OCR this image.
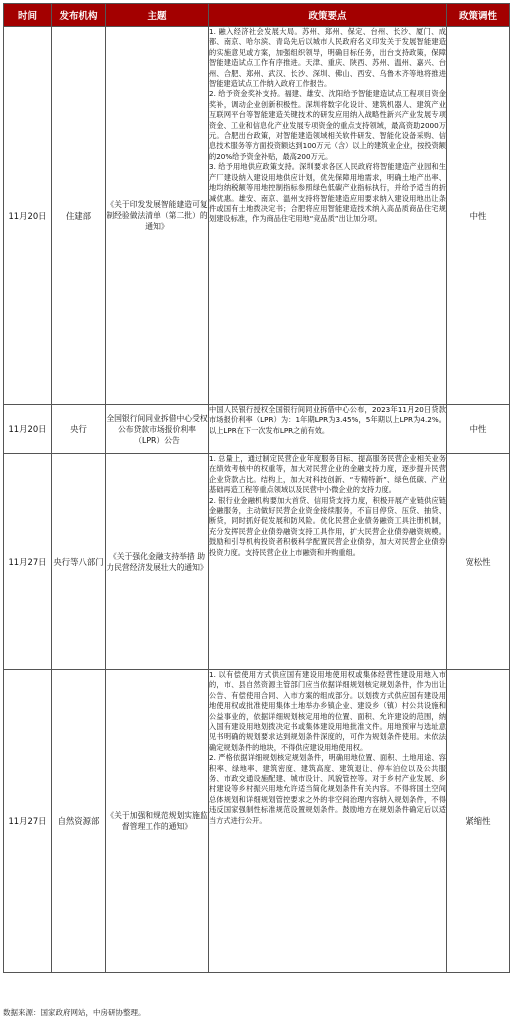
时间	发布机构	主题	政策要点	政策调性
11月20日	住建部	《关于印发发展智能建造可复制经验做法清单（第二批）的通知》	1. 融入经济社会发展大局。苏州、郑州、保定、台州、长沙、厦门、成都、南京、哈尔滨、青岛先后以城市人民政府名义印发关于发展智能建造的实施意见或方案，加强组织领导，明确目标任务，出台支持政策，保障智能建造试点工作有序推进。天津、重庆、陕西、苏州、温州、嘉兴、台州、合肥、郑州、武汉、长沙、深圳、佛山、西安、乌鲁木齐等地将推进智能建造试点工作纳入政府工作报告。

2. 给予资金奖补支持。福建、雄安、沈阳给予智能建造试点工程项目资金奖补，调动企业创新积极性。深圳将数字化设计、建筑机器人、建筑产业互联网平台等智能建造关键技术的研发应用纳入战略性新兴产业发展专项资金、工业和信息化产业发展专项资金的重点支持领域，最高资助2000万元。合肥出台政策，对智能建造领域相关软件研发、智能化设备采购、信息技术服务等方面投资额达到100万元（含）以上的建筑业企业，按投资额的20%给予资金补贴，最高200万元。

3. 给予用地供应政策支持。深圳要求各区人民政府将智能建造产业园和生产厂建设纳入建设用地供应计划，优先保障用地需求，明确土地产出率、地均纳税额等用地控制指标参照绿色低碳产业指标执行，并给予适当的折减优惠。雄安、南京、温州支持将智能建造应用要求纳入建设用地出让条件或国有土地拨决定书；合肥将应用智能建造技术纳入高品质商品住宅规划建设标准，作为商品住宅用地“竞品质”出让加分项。	中性
11月20日	央行	全国银行间同业拆借中心受权公布贷款市场报价利率（LPR）公告	中国人民银行授权全国银行间同业拆借中心公布，2023年11月20日贷款市场报价利率（LPR）为：1年期LPR为3.45%，5年期以上LPR为4.2%。以上LPR在下一次发布LPR之前有效。	中性
11月27日	央行等八部门	《关于强化金融支持举措 助力民营经济发展壮大的通知》	1. 总量上，通过制定民营企业年度服务目标、提高服务民营企业相关业务在绩效考核中的权重等，加大对民营企业的金融支持力度，逐步提升民营企业贷款占比。结构上，加大对科技创新、“专精特新”、绿色低碳、产业基础再造工程等重点领域以及民营中小微企业的支持力度。

2. 银行业金融机构要加大首贷、信用贷支持力度，积极开展产业链供应链金融服务，主动做好民营企业资金接续服务，不盲目停贷、压贷、抽贷、断贷，同时抓好促发展和防风险。优化民营企业债务融资工具注册机制，充分发挥民营企业债券融资支持工具作用，扩大民营企业债券融资规模。鼓励和引导机构投资者积极科学配置民营企业债券，加大对民营企业债券投资力度。支持民营企业上市融资和并购重组。	宽松性
11月27日	自然资源部	《关于加强和规范规划实施监督管理工作的通知》	1. 以有偿使用方式供应国有建设用地使用权或集体经营性建设用地入市的，市、县自然资源主管部门应当依据详细规划核定规划条件，作为出让公告、有偿使用合同、入市方案的组成部分。以划拨方式供应国有建设用地使用权或批准使用集体土地举办乡镇企业、建设乡（镇）村公共设施和公益事业的，依据详细规划核定用地的位置、面积、允许建设的范围，纳入国有建设用地划拨决定书或集体建设用地批准文件。用地预审与选址意见书明确的规划要求达到规划条件深度的，可作为规划条件使用。未依法确定规划条件的地块，不得供应建设用地使用权。

2. 严格依据详细规划核定规划条件，明确用地位置、面积、土地用途、容积率、绿地率、建筑密度、建筑高度、建筑退让、停车泊位以及公共服务、市政交通设施配建、城市设计、风貌管控等。对于乡村产业发展、乡村建设等乡村振兴用地允许适当简化规划条件有关内容。不得将国土空间总体规划和详细规划管控要求之外的非空间治理内容纳入规划条件，不得违反国家强制性标准规范设置规划条件。鼓励地方在规划条件确定后以适当方式进行公开。	紧缩性
数据来源：国家政府网站，中房研协整理。
